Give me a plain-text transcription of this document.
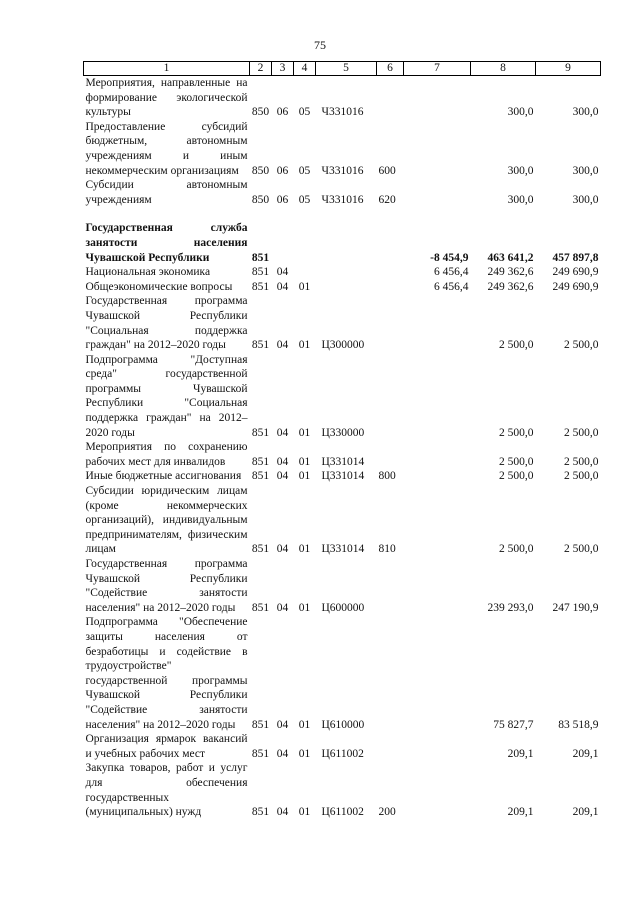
75
1	2	3	4	5	6	7	8	9

Мероприятия, направленные на формирование экологической культуры	850	06	05	Ч331016			300,0	300,0

Предоставление субсидий бюджетным, автономным учреждениям и иным некоммерческим организациям	850	06	05	Ч331016	600		300,0	300,0

Субсидии автономным учреждениям	850	06	05	Ч331016	620		300,0	300,0

Государственная служба занятости населения Чувашской Республики	851					-8 454,9	463 641,2	457 897,8

Национальная экономика	851	04				6 456,4	249 362,6	249 690,9

Общеэкономические вопросы	851	04	01			6 456,4	249 362,6	249 690,9

Государственная программа Чувашской Республики "Социальная поддержка граждан" на 2012–2020 годы	851	04	01	Ц300000			2 500,0	2 500,0

Подпрограмма "Доступная среда" государственной программы Чувашской Республики "Социальная поддержка граждан" на 2012–2020 годы	851	04	01	Ц330000			2 500,0	2 500,0

Мероприятия по сохранению рабочих мест для инвалидов	851	04	01	Ц331014			2 500,0	2 500,0

Иные бюджетные ассигнования	851	04	01	Ц331014	800		2 500,0	2 500,0

Субсидии юридическим лицам (кроме некоммерческих организаций), индивидуальным предпринимателям, физическим лицам	851	04	01	Ц331014	810		2 500,0	2 500,0

Государственная программа Чувашской Республики "Содействие занятости населения" на 2012–2020 годы	851	04	01	Ц600000			239 293,0	247 190,9

Подпрограмма "Обеспечение защиты населения от безработицы и содействие в трудоустройстве" государственной программы Чувашской Республики "Содействие занятости населения" на 2012–2020 годы	851	04	01	Ц610000			75 827,7	83 518,9

Организация ярмарок вакансий и учебных рабочих мест	851	04	01	Ц611002			209,1	209,1

Закупка товаров, работ и услуг для обеспечения государственных (муниципальных) нужд	851	04	01	Ц611002	200		209,1	209,1
